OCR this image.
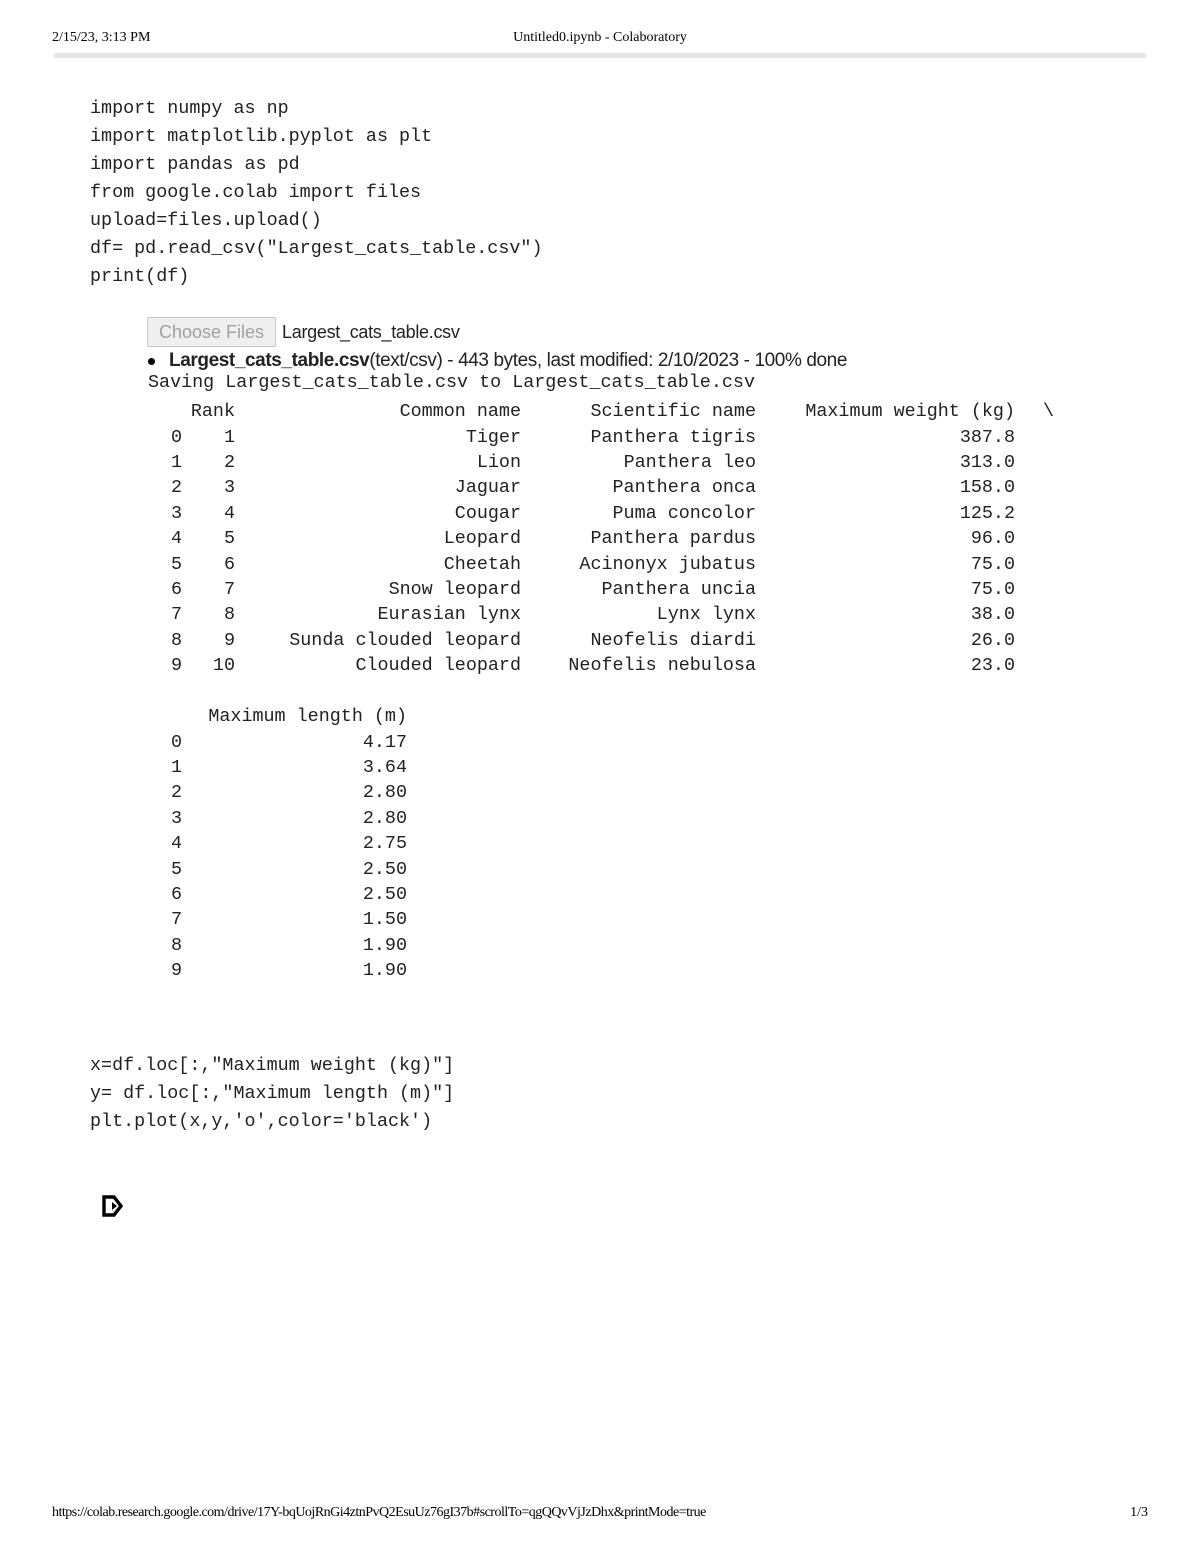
2/15/23, 3:13 PM	Untitled0.ipynb - Colaboratory
import numpy as np
import matplotlib.pyplot as plt
import pandas as pd
from google.colab import files
upload=files.upload()
df= pd.read_csv("Largest_cats_table.csv")
print(df)
Choose Files	Largest_cats_table.csv
Largest_cats_table.csv (text/csv) - 443 bytes, last modified: 2/10/2023 - 100% done
Saving Largest_cats_table.csv to Largest_cats_table.csv
	Rank	Common name	Scientific name	Maximum weight (kg)	\
0	1	Tiger	Panthera tigris	387.8	
1	2	Lion	Panthera leo	313.0	
2	3	Jaguar	Panthera onca	158.0	
3	4	Cougar	Puma concolor	125.2	
4	5	Leopard	Panthera pardus	96.0	
5	6	Cheetah	Acinonyx jubatus	75.0	
6	7	Snow leopard	Panthera uncia	75.0	
7	8	Eurasian lynx	Lynx lynx	38.0	
8	9	Sunda clouded leopard	Neofelis diardi	26.0	
9	10	Clouded leopard	Neofelis nebulosa	23.0	
	Maximum length (m)
0	4.17
1	3.64
2	2.80
3	2.80
4	2.75
5	2.50
6	2.50
7	1.50
8	1.90
9	1.90
x=df.loc[:,"Maximum weight (kg)"]
y= df.loc[:,"Maximum length (m)"]
plt.plot(x,y,'o',color='black')
https://colab.research.google.com/drive/17Y-bqUojRnGi4ztnPvQ2EsuUz76gI37b#scrollTo=qgQQvVjJzDhx&printMode=true	1/3
